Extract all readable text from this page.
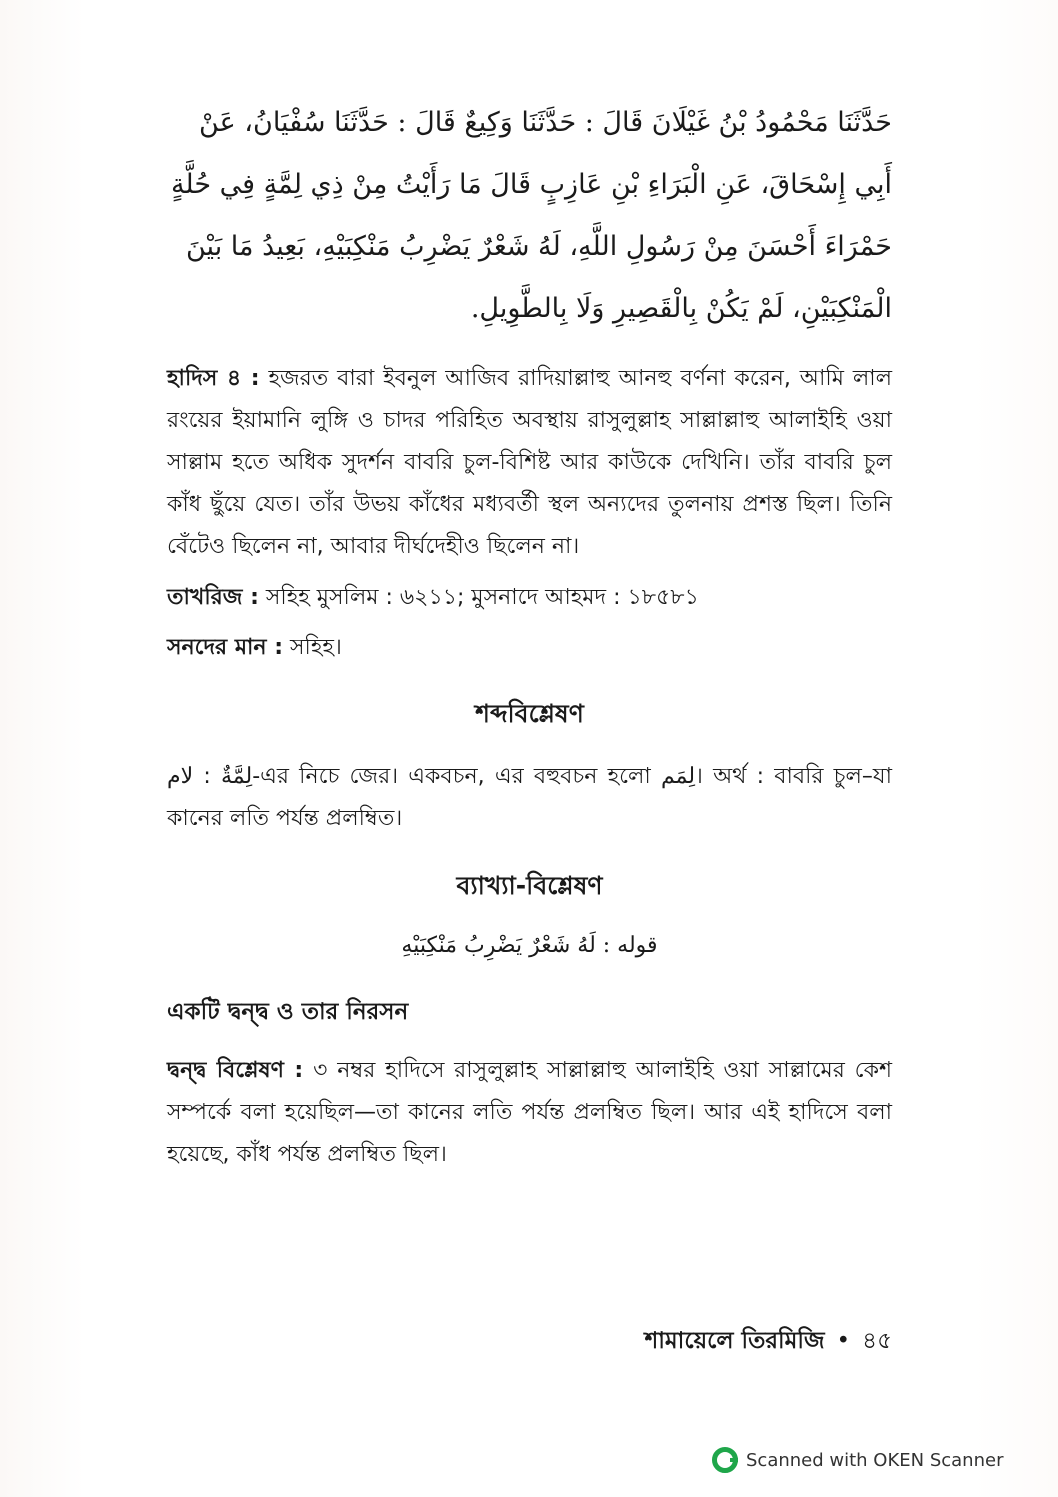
حَدَّثَنَا مَحْمُودُ بْنُ غَيْلَانَ قَالَ : حَدَّثَنَا وَكِيعٌ قَالَ : حَدَّثَنَا سُفْيَانُ، عَنْ
أَبِي إِسْحَاقَ، عَنِ الْبَرَاءِ بْنِ عَازِبٍ قَالَ مَا رَأَيْتُ مِنْ ذِي لِمَّةٍ فِي حُلَّةٍ
حَمْرَاءَ أَحْسَنَ مِنْ رَسُولِ اللَّهِ، لَهُ شَعْرٌ يَضْرِبُ مَنْكِبَيْهِ، بَعِيدُ مَا بَيْنَ
الْمَنْكِبَيْنِ، لَمْ يَكُنْ بِالْقَصِيرِ وَلَا بِالطَّوِيلِ.

হাদিস ৪ : হজরত বারা ইবনুল আজিব রাদিয়াল্লাহু আনহু বর্ণনা করেন, আমি লাল রংয়ের ইয়ামানি লুঙ্গি ও চাদর পরিহিত অবস্থায় রাসুলুল্লাহ সাল্লাল্লাহু আলাইহি ওয়া সাল্লাম হতে অধিক সুদর্শন বাবরি চুল-বিশিষ্ট আর কাউকে দেখিনি। তাঁর বাবরি চুল কাঁধ ছুঁয়ে যেত। তাঁর উভয় কাঁধের মধ্যবর্তী স্থল অন্যদের তুলনায় প্রশস্ত ছিল। তিনি বেঁটেও ছিলেন না, আবার দীর্ঘদেহীও ছিলেন না।

তাখরিজ : সহিহ মুসলিম : ৬২১১; মুসনাদে আহমদ : ১৮৫৮১

সনদের মান : সহিহ।

শব্দবিশ্লেষণ

لِمَّةٌ : لام	-এর নিচে জের। একবচন, এর বহুবচন হলো لِمَم। অর্থ : বাবরি চুল–যা কানের লতি পর্যন্ত প্রলম্বিত।

ব্যাখ্যা-বিশ্লেষণ
قوله : لَهُ شَعْرٌ يَضْرِبُ مَنْكِبَيْهِ
একটি দ্বন্দ্ব ও তার নিরসন

দ্বন্দ্ব বিশ্লেষণ : ৩ নম্বর হাদিসে রাসুলুল্লাহ সাল্লাল্লাহু আলাইহি ওয়া সাল্লামের কেশ সম্পর্কে বলা হয়েছিল—তা কানের লতি পর্যন্ত প্রলম্বিত ছিল। আর এই হাদিসে বলা হয়েছে, কাঁধ পর্যন্ত প্রলম্বিত ছিল।

শামায়েলে তিরমিজি • ৪৫
Scanned with OKEN Scanner
